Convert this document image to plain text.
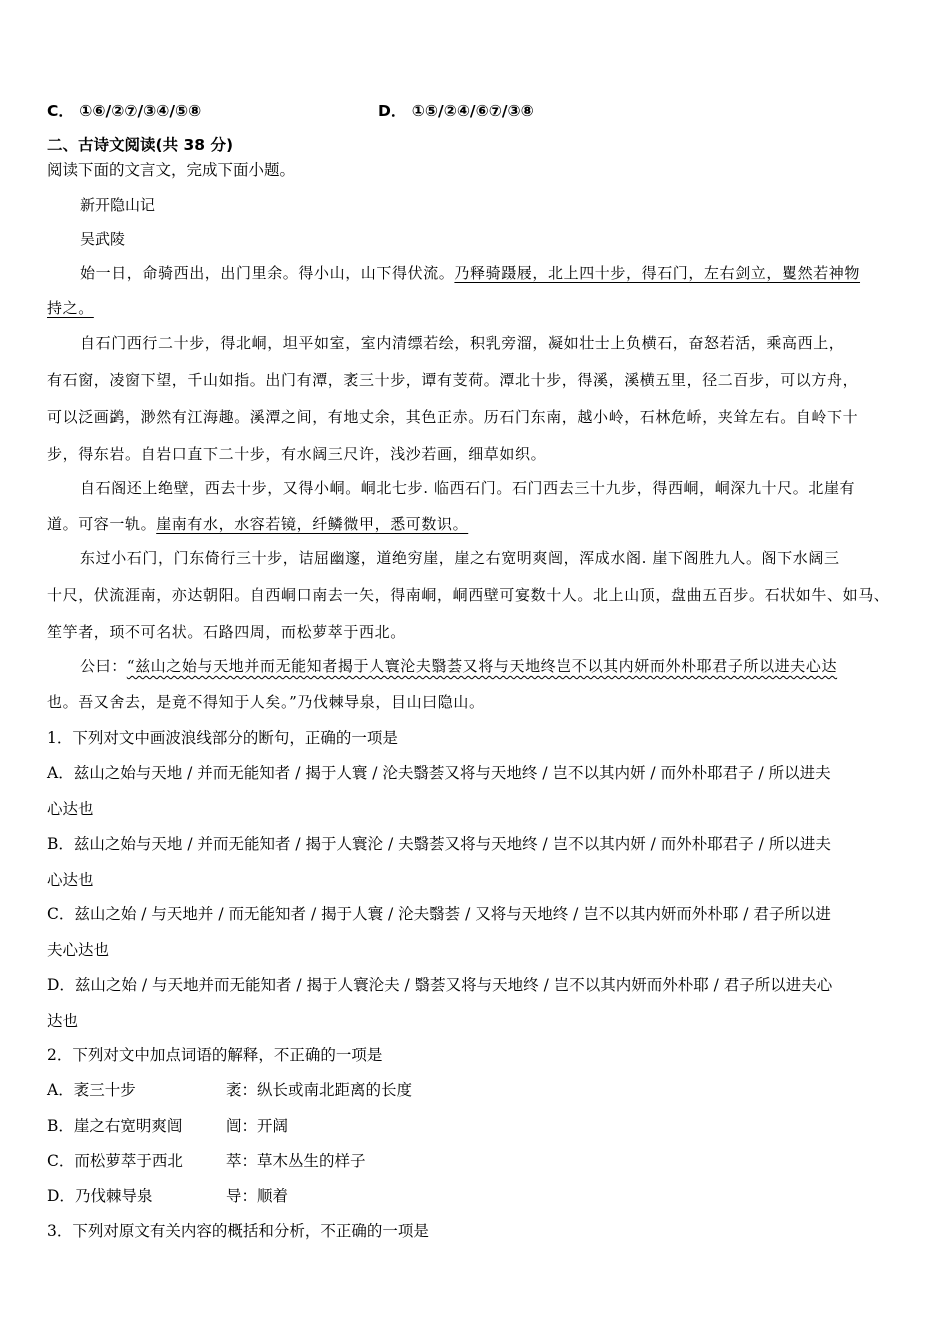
C． ①⑥/②⑦/③④/⑤⑧	D． ①⑤/②④/⑥⑦/③⑧
二、古诗文阅读(共 38 分)
阅读下面的文言文，完成下面小题。
新开隐山记
吴武陵
始一日，命骑西出，出门里余。得小山，山下得伏流。乃释骑蹑屐，北上四十步，得石门，左右剑立，矍然若神物
持之。
自石门西行二十步，得北峒，坦平如室，室内清缥若绘，积乳旁溜，凝如壮士上负横石，奋怒若活，乘高西上，
有石窗，凌窗下望，千山如指。出门有潭，袤三十步，谭有芰荷。潭北十步，得溪，溪横五里，径二百步，可以方舟，
可以泛画鹢，渺然有江海趣。溪潭之间，有地丈余，其色正赤。历石门东南，越小岭，石林危峤，夹耸左右。自岭下十
步，得东岩。自岩口直下二十步，有水阔三尺许，浅沙若画，细草如织。
自石阁还上绝壁，西去十步，又得小峒。峒北七步. 临西石门。石门西去三十九步，得西峒，峒深九十尺。北崖有
道。可容一轨。崖南有水，水容若镜，纤鳞微甲，悉可数识。
东过小石门，门东倚行三十步，诘屈幽邃，道绝穷崖，崖之右宽明爽闿，浑成水阁. 崖下阁胜九人。阁下水阔三
十尺，伏流涯南，亦达朝阳。自西峒口南去一矢，得南峒，峒西壁可宴数十人。北上山顶，盘曲五百步。石状如牛、如马、
笙竽者，顼不可名状。石路四周，而松萝萃于西北。
公曰：“兹山之始与天地并而无能知者揭于人寰沦夫翳荟又将与天地终岂不以其内妍而外朴耶君子所以进夫心达
也。吾又舍去，是竟不得知于人矣。”乃伐棘导泉，目山曰隐山。
1．下列对文中画波浪线部分的断句，正确的一项是
A．兹山之始与天地 / 并而无能知者 / 揭于人寰 / 沦夫翳荟又将与天地终 / 岂不以其内妍 / 而外朴耶君子 / 所以进夫
心达也
B．兹山之始与天地 / 并而无能知者 / 揭于人寰沦 / 夫翳荟又将与天地终 / 岂不以其内妍 / 而外朴耶君子 / 所以进夫
心达也
C．兹山之始 / 与天地并 / 而无能知者 / 揭于人寰 / 沦夫翳荟 / 又将与天地终 / 岂不以其内妍而外朴耶 / 君子所以进
夫心达也
D．兹山之始 / 与天地并而无能知者 / 揭于人寰沦夫 / 翳荟又将与天地终 / 岂不以其内妍而外朴耶 / 君子所以进夫心
达也
2．下列对文中加点词语的解释，不正确的一项是
A．袤三十步	袤：纵长或南北距离的长度
B．崖之右宽明爽闿	闿：开阔
C．而松萝萃于西北	萃：草木丛生的样子
D．乃伐棘导泉	导：顺着
3．下列对原文有关内容的概括和分析，不正确的一项是
